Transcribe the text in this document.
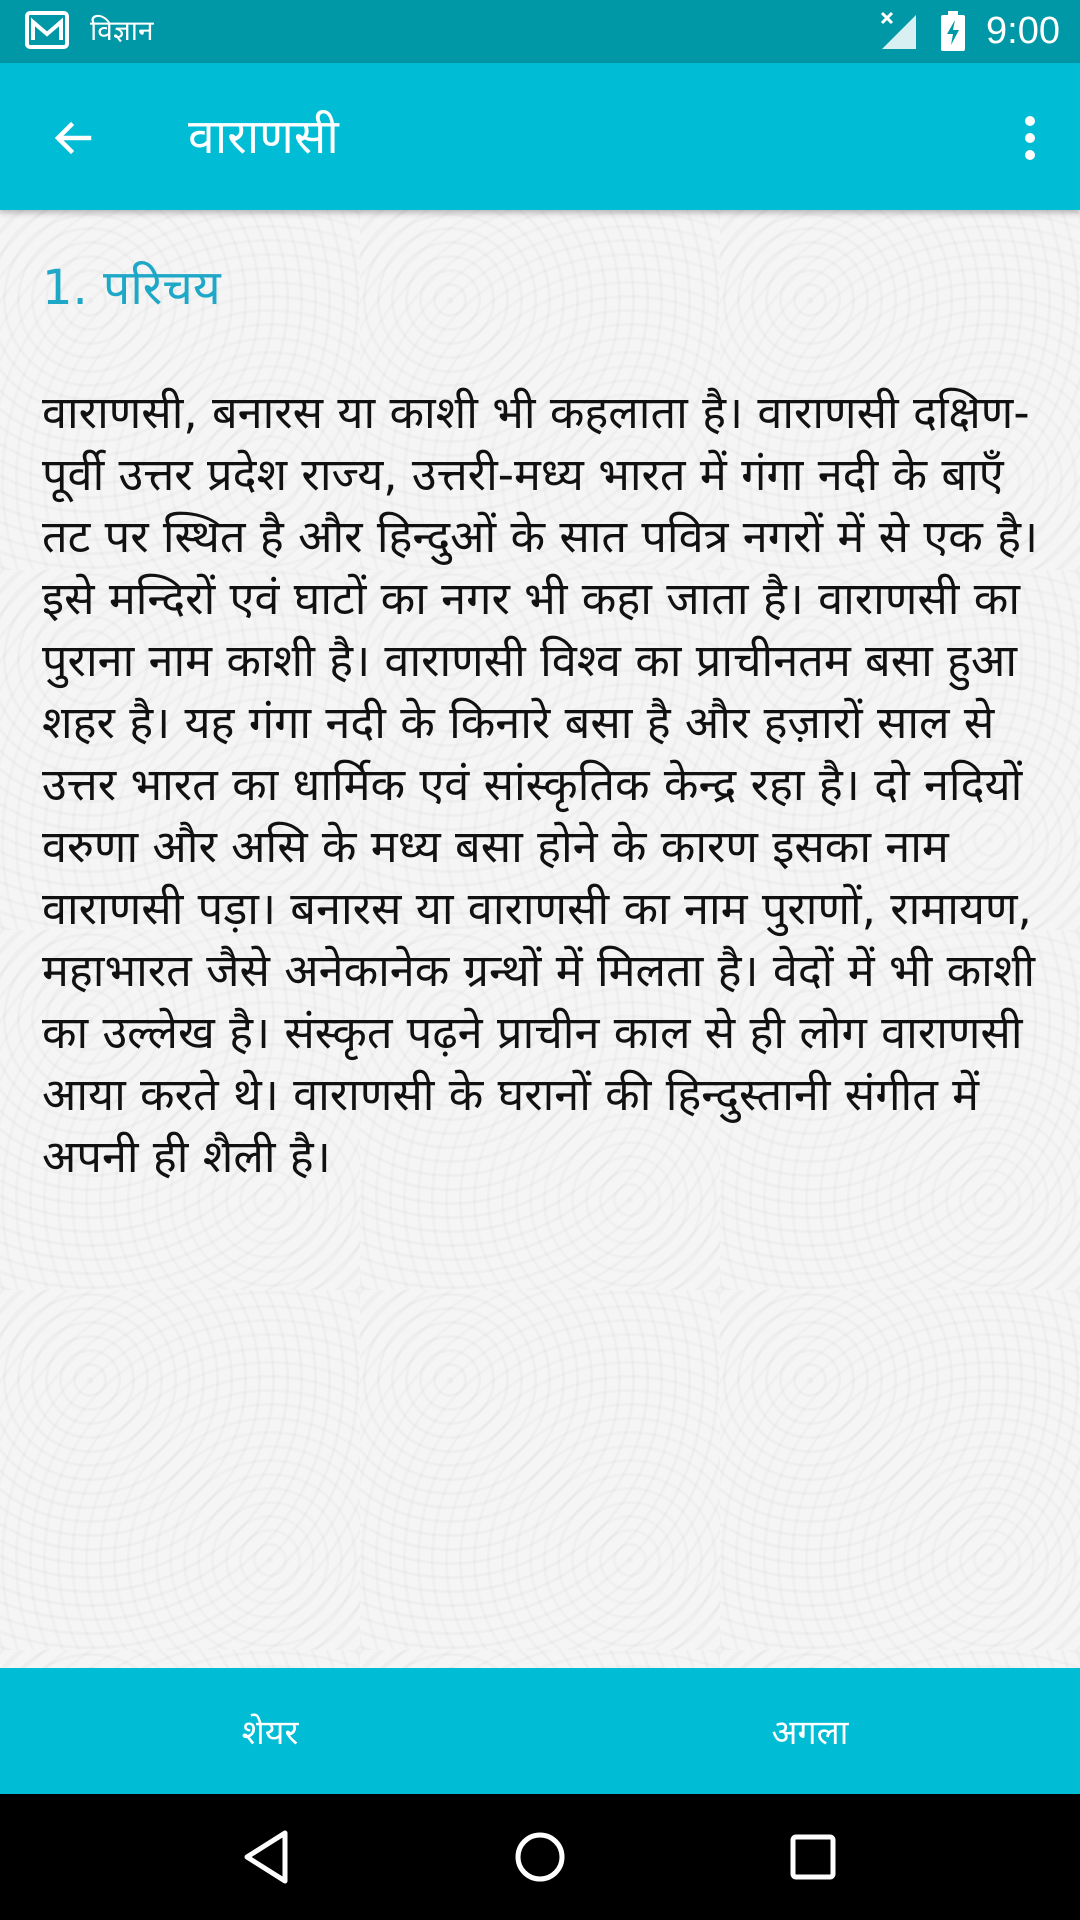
विज्ञान	9:00
वाराणसी
1. परिचय
वाराणसी, बनारस या काशी भी कहलाता है। वाराणसी दक्षिण-पूर्वी उत्तर प्रदेश राज्य, उत्तरी-मध्य भारत में गंगा नदी के बाएँ तट पर स्थित है और हिन्दुओं के सात पवित्र नगरों में से एक है। इसे मन्दिरों एवं घाटों का नगर भी कहा जाता है। वाराणसी का पुराना नाम काशी है। वाराणसी विश्व का प्राचीनतम बसा हुआ शहर है। यह गंगा नदी के किनारे बसा है और हज़ारों साल से उत्तर भारत का धार्मिक एवं सांस्कृतिक केन्द्र रहा है। दो नदियों वरुणा और असि के मध्य बसा होने के कारण इसका नाम वाराणसी पड़ा। बनारस या वाराणसी का नाम पुराणों, रामायण, महाभारत जैसे अनेकानेक ग्रन्थों में मिलता है। वेदों में भी काशी का उल्लेख है। संस्कृत पढ़ने प्राचीन काल से ही लोग वाराणसी आया करते थे। वाराणसी के घरानों की हिन्दुस्तानी संगीत में अपनी ही शैली है।
शेयर	अगला
